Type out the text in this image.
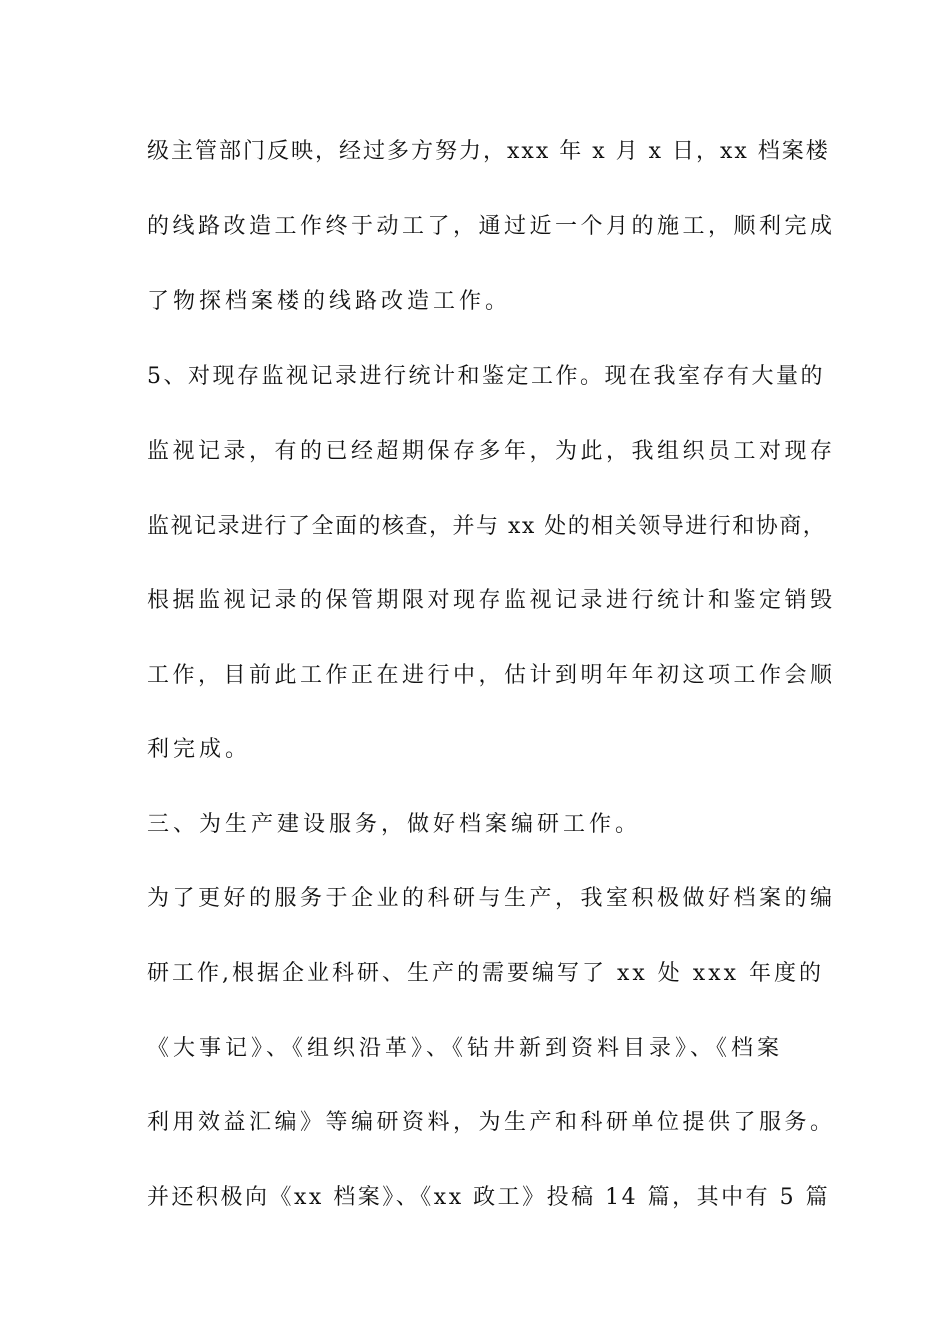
级主管部门反映，经过多方努力，xxx 年 x 月 x 日，xx 档案楼
的线路改造工作终于动工了，通过近一个月的施工，顺利完成
了物探档案楼的线路改造工作。
5、对现存监视记录进行统计和鉴定工作。现在我室存有大量的
监视记录，有的已经超期保存多年，为此，我组织员工对现存
监视记录进行了全面的核查，并与 xx 处的相关领导进行和协商，
根据监视记录的保管期限对现存监视记录进行统计和鉴定销毁
工作，目前此工作正在进行中，估计到明年年初这项工作会顺
利完成。
三、为生产建设服务，做好档案编研工作。
为了更好的服务于企业的科研与生产，我室积极做好档案的编
研工作,根据企业科研、生产的需要编写了 xx 处 xxx 年度的
《大事记》、《组织沿革》、《钻井新到资料目录》、《档案
利用效益汇编》等编研资料，为生产和科研单位提供了服务。
并还积极向《xx 档案》、《xx 政工》投稿 14 篇，其中有 5 篇
